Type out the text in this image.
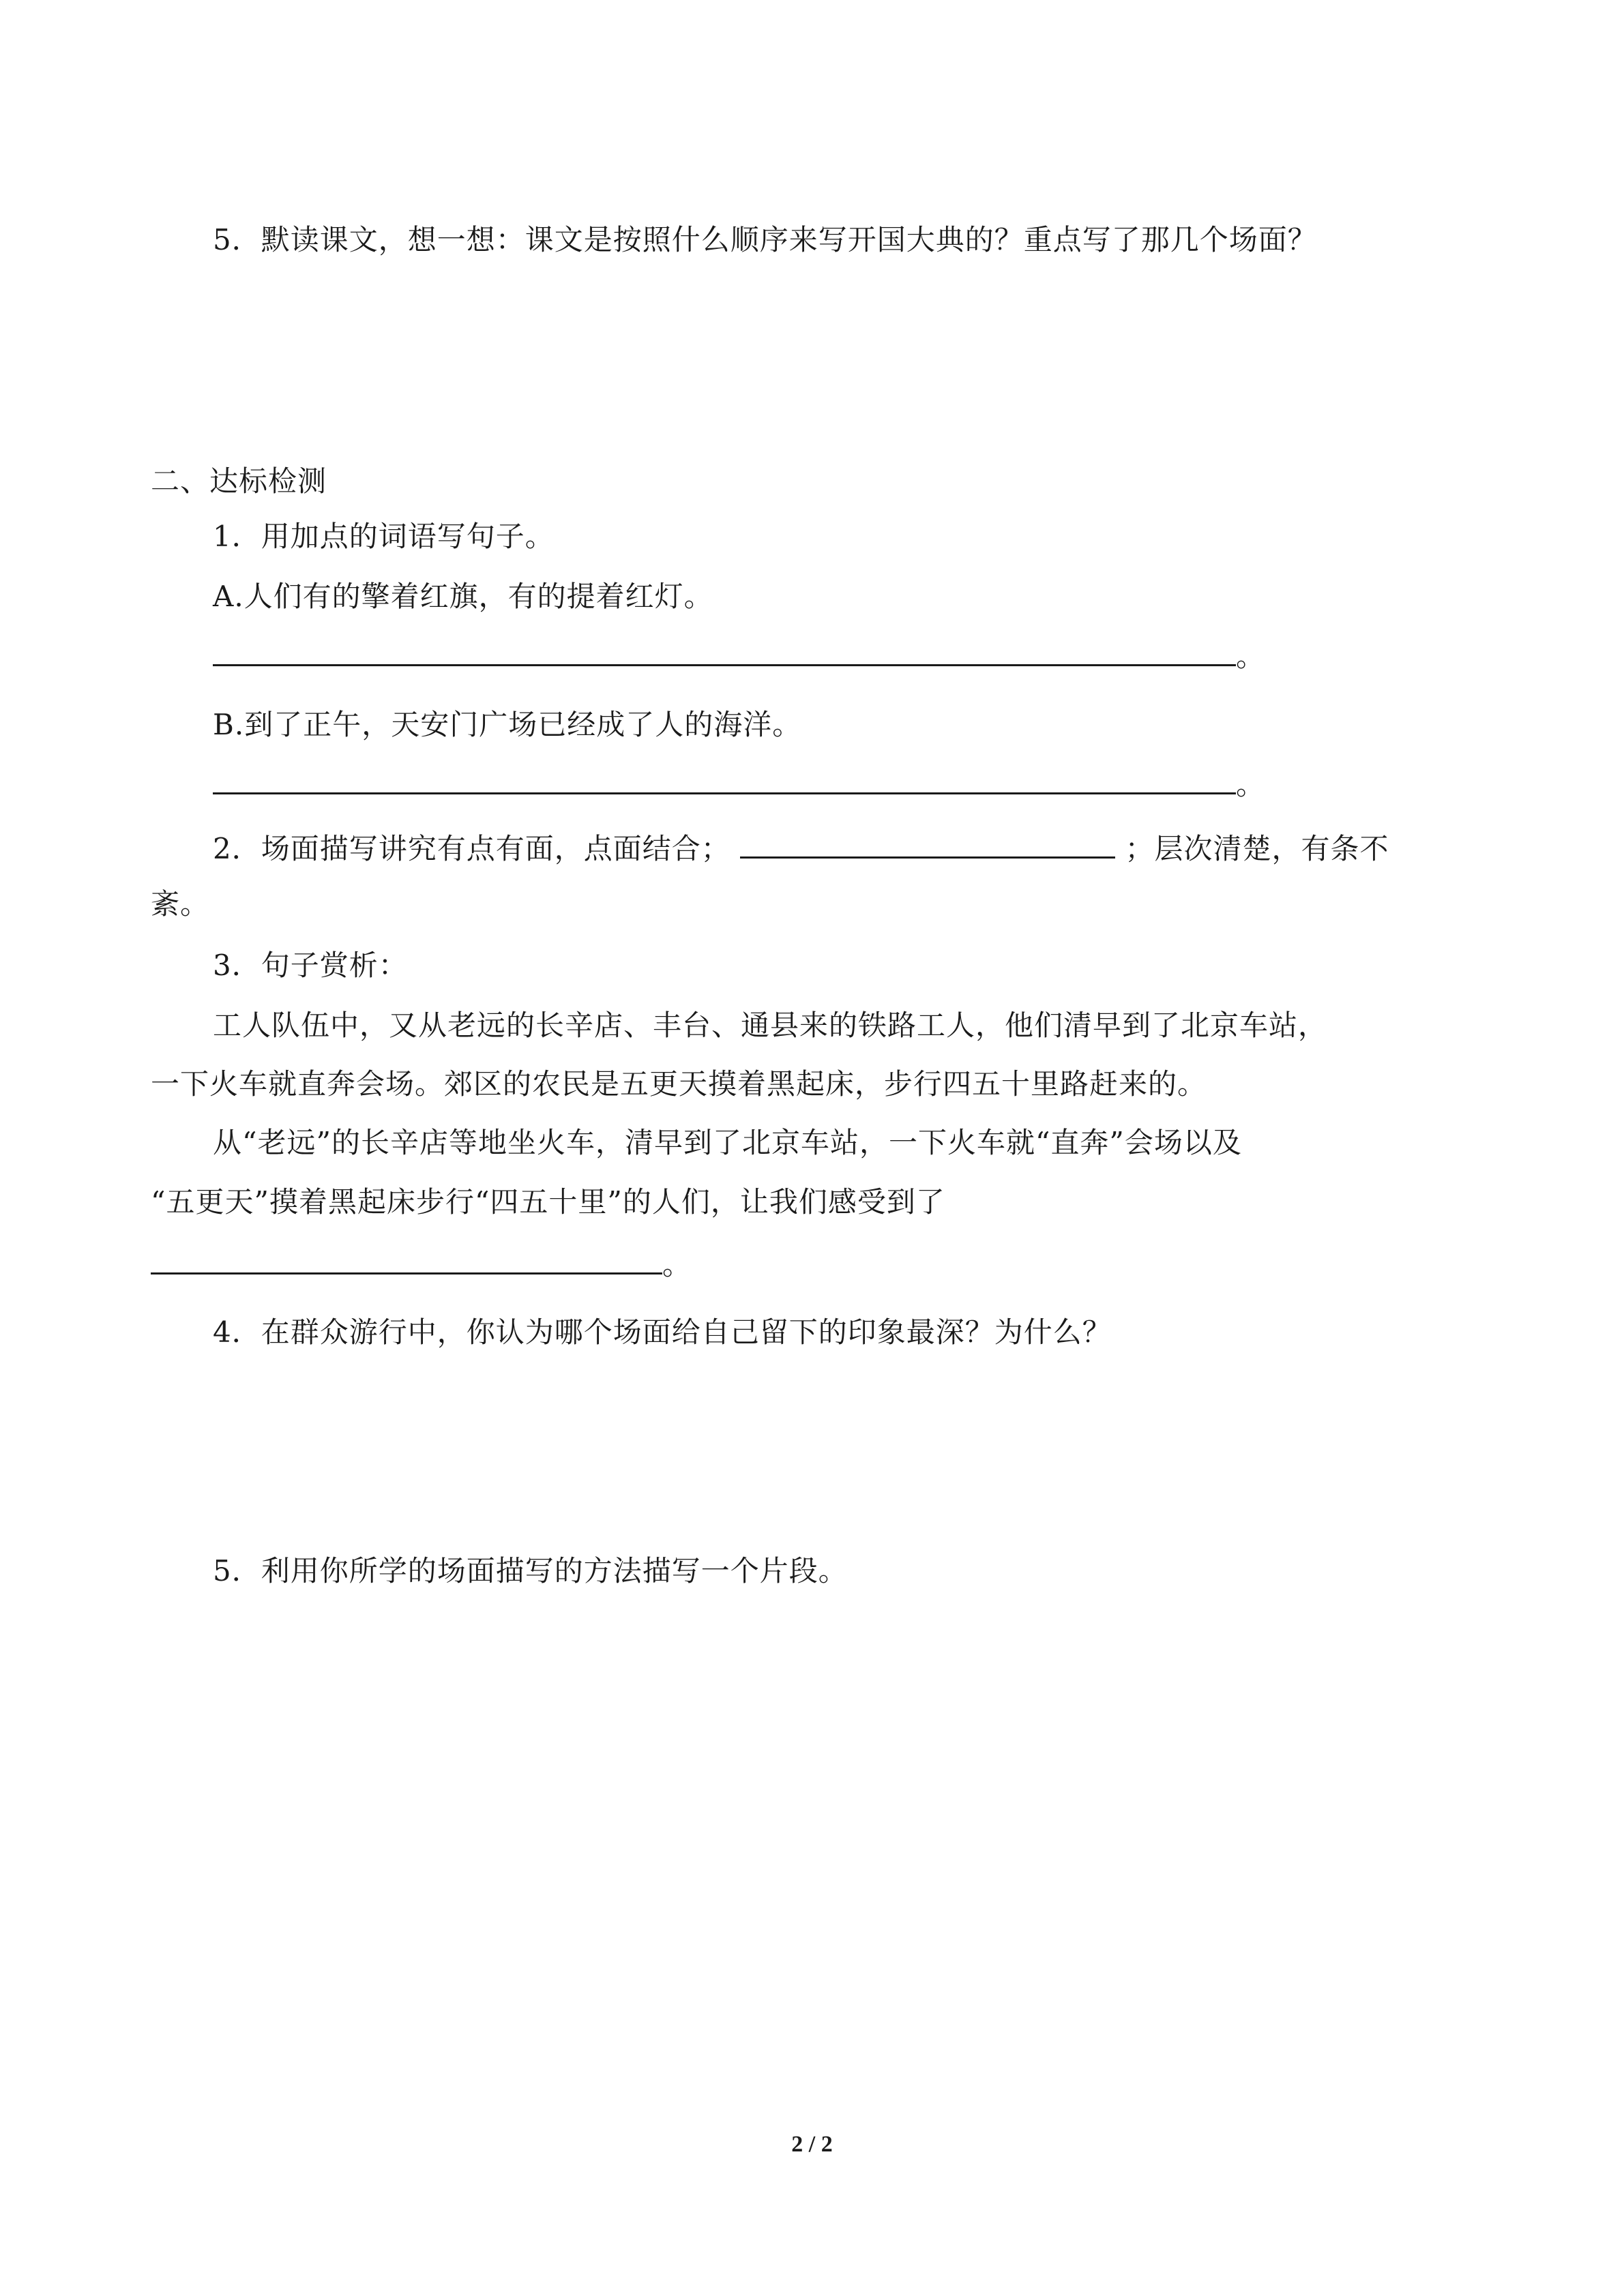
5．默读课文，想一想：课文是按照什么顺序来写开国大典的？重点写了那几个场面？
二、达标检测
1．用加点的词语写句子。
A.人们有的擎着红旗，有的提着红灯。
。
B.到了正午，天安门广场已经成了人的海洋。
。
2．场面描写讲究有点有面，点面结合；	；层次清楚，有条不
紊。
3．句子赏析：
工人队伍中，又从老远的长辛店、丰台、通县来的铁路工人，他们清早到了北京车站，
一下火车就直奔会场。郊区的农民是五更天摸着黑起床，步行四五十里路赶来的。
从“老远”的长辛店等地坐火车，清早到了北京车站，一下火车就“直奔”会场以及
“五更天”摸着黑起床步行“四五十里”的人们，让我们感受到了
。
4．在群众游行中，你认为哪个场面给自己留下的印象最深？为什么？
5．利用你所学的场面描写的方法描写一个片段。
2 / 2
